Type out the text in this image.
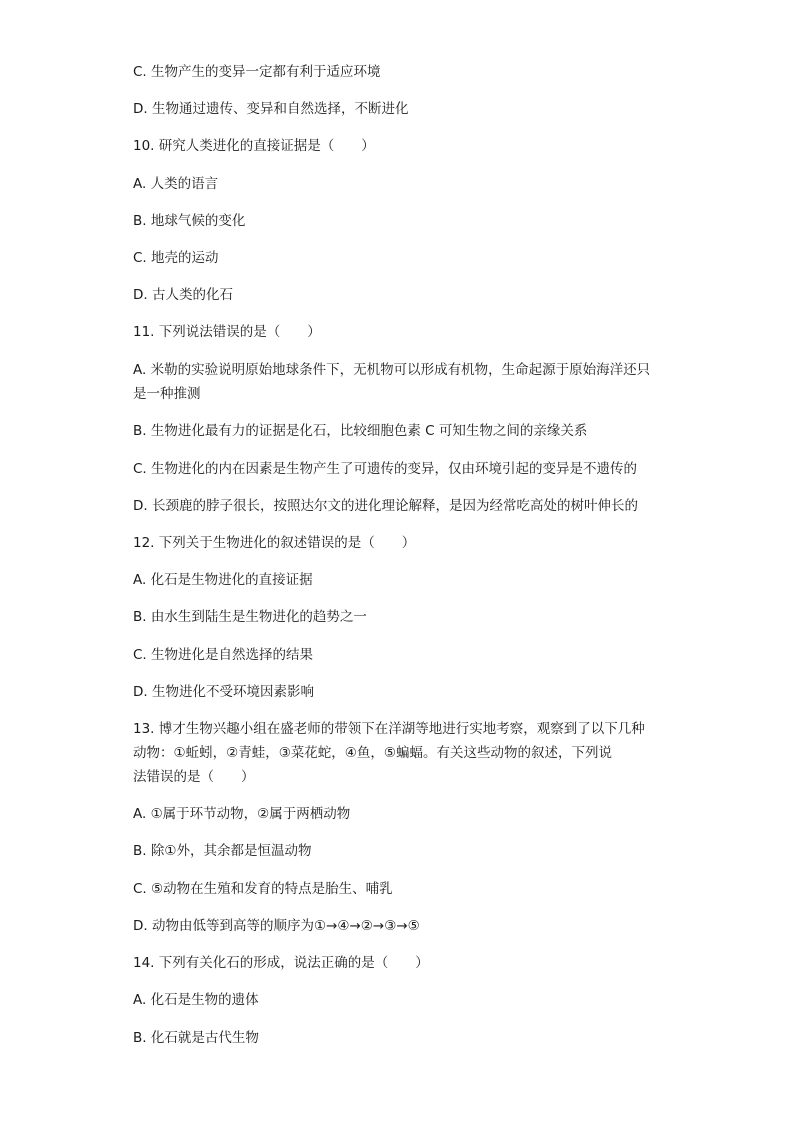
C. 生物产生的变异一定都有利于适应环境
D. 生物通过遗传、变异和自然选择，不断进化
10. 研究人类进化的直接证据是（　　）
A. 人类的语言
B. 地球气候的变化
C. 地壳的运动
D. 古人类的化石
11. 下列说法错误的是（　　）
A. 米勒的实验说明原始地球条件下，无机物可以形成有机物，生命起源于原始海洋还只
是一种推测
B. 生物进化最有力的证据是化石，比较细胞色素 C 可知生物之间的亲缘关系
C. 生物进化的内在因素是生物产生了可遗传的变异，仅由环境引起的变异是不遗传的
D. 长颈鹿的脖子很长，按照达尔文的进化理论解释，是因为经常吃高处的树叶伸长的
12. 下列关于生物进化的叙述错误的是（　　）
A. 化石是生物进化的直接证据
B. 由水生到陆生是生物进化的趋势之一
C. 生物进化是自然选择的结果
D. 生物进化不受环境因素影响
13. 博才生物兴趣小组在盛老师的带领下在洋湖等地进行实地考察，观察到了以下几种
动物：①蚯蚓，②青蛙，③菜花蛇，④鱼，⑤蝙蝠。有关这些动物的叙述，下列说
法错误的是（　　）
A. ①属于环节动物，②属于两栖动物
B. 除①外，其余都是恒温动物
C. ⑤动物在生殖和发育的特点是胎生、哺乳
D. 动物由低等到高等的顺序为①→④→②→③→⑤
14. 下列有关化石的形成，说法正确的是（　　）
A. 化石是生物的遗体
B. 化石就是古代生物
